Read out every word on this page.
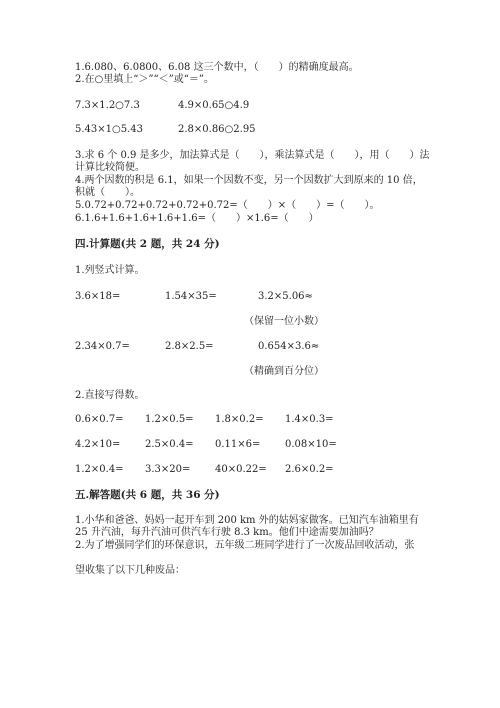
1.6.080、6.0800、6.08 这三个数中，（　　）的精确度最高。
2.在○里填上“＞”“＜”或“＝”。
7.3×1.2○7.3	4.9×0.65○4.9
5.43×1○5.43	2.8×0.86○2.95
3.求 6 个 0.9 是多少，加法算式是（　　），乘法算式是（　　），用（　　）法
计算比较简便。
4.两个因数的积是 6.1，如果一个因数不变，另一个因数扩大到原来的 10 倍，
积就（　　）。
5.0.72+0.72+0.72+0.72+0.72=（　　）×（　　）=（　　）。
6.1.6+1.6+1.6+1.6+1.6=（　　）×1.6=（　　）
四.计算题(共 2 题，共 24 分)
1.列竖式计算。
3.6×18=	1.54×35=	3.2×5.06≈
（保留一位小数）
2.34×0.7=	2.8×2.5=	0.654×3.6≈
（精确到百分位）
2.直接写得数。
0.6×0.7= 1.2×0.5= 1.8×0.2= 1.4×0.3=
4.2×10= 2.5×0.4= 0.11×6= 0.08×10=
1.2×0.4= 3.3×20= 40×0.22= 2.6×0.2=
五.解答题(共 6 题，共 36 分)
1.小华和爸爸、妈妈一起开车到 200 km 外的姑妈家做客。已知汽车油箱里有
25 升汽油，每升汽油可供汽车行驶 8.3 km。他们中途需要加油吗？
2.为了增强同学们的环保意识，五年级二班同学进行了一次废品回收活动，张
望收集了以下几种废品：
